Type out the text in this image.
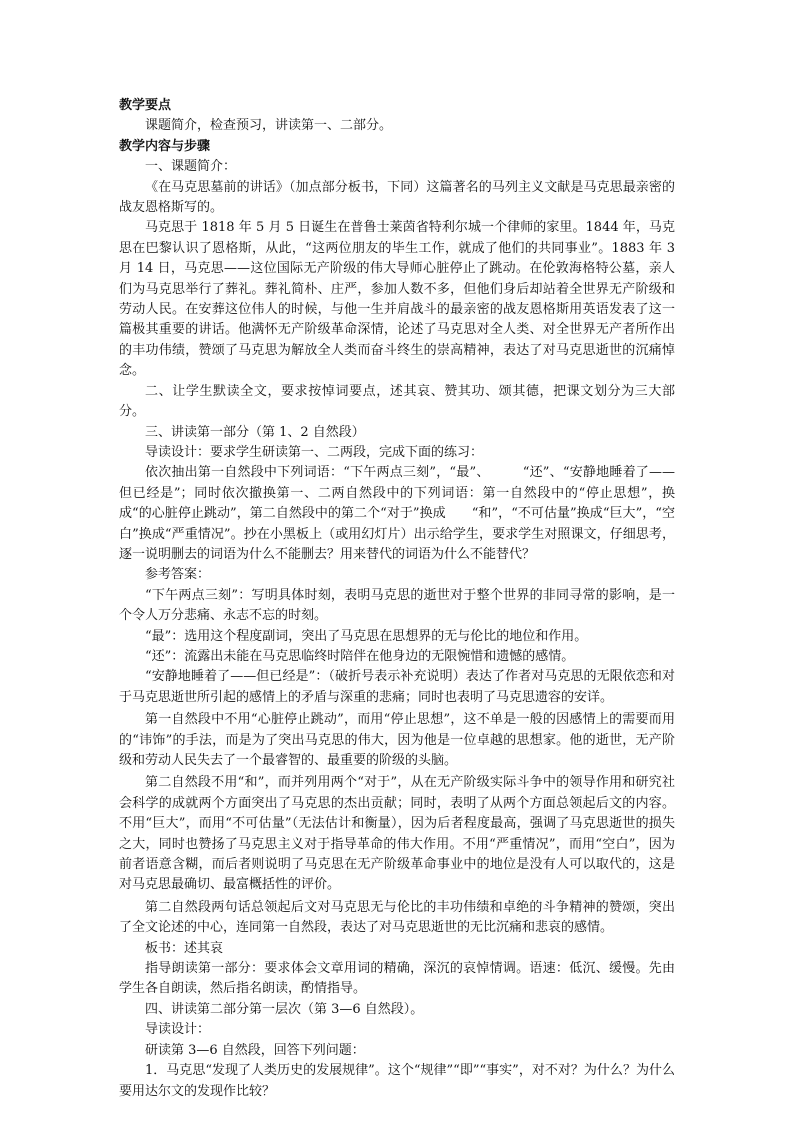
教学要点

课题简介，检查预习，讲读第一、二部分。

教学内容与步骤

一、课题简介：

《在马克思墓前的讲话》（加点部分板书，下同）这篇著名的马列主义文献是马克思最亲密的战友恩格斯写的。

马克思于 1818 年 5 月 5 日诞生在普鲁士莱茵省特利尔城一个律师的家里。1844 年，马克思在巴黎认识了恩格斯，从此，“这两位朋友的毕生工作，就成了他们的共同事业”。1883 年 3 月 14 日，马克思——这位国际无产阶级的伟大导师心脏停止了跳动。在伦敦海格特公墓，亲人们为马克思举行了葬礼。葬礼简朴、庄严，参加人数不多，但他们身后却站着全世界无产阶级和劳动人民。在安葬这位伟人的时候，与他一生并肩战斗的最亲密的战友恩格斯用英语发表了这一篇极其重要的讲话。他满怀无产阶级革命深情，论述了马克思对全人类、对全世界无产者所作出的丰功伟绩，赞颂了马克思为解放全人类而奋斗终生的崇高精神，表达了对马克思逝世的沉痛悼念。

二、让学生默读全文，要求按悼词要点，述其哀、赞其功、颂其德，把课文划分为三大部分。

三、讲读第一部分（第 1、2 自然段）

导读设计：要求学生研读第一、二两段，完成下面的练习：

依次抽出第一自然段中下列词语：“下午两点三刻”，“最”、　　　“还”、“安静地睡着了——但已经是”；同时依次撤换第一、二两自然段中的下列词语：第一自然段中的“停止思想”，换成“的心脏停止跳动”，第二自然段中的第二个“对于”换成　　“和”，“不可估量”换成“巨大”，“空白”换成“严重情况”。抄在小黑板上（或用幻灯片）出示给学生，要求学生对照课文，仔细思考，逐一说明删去的词语为什么不能删去？用来替代的词语为什么不能替代？

参考答案：

“下午两点三刻”：写明具体时刻，表明马克思的逝世对于整个世界的非同寻常的影响，是一个令人万分悲痛、永志不忘的时刻。

“最”：选用这个程度副词，突出了马克思在思想界的无与伦比的地位和作用。

“还”：流露出未能在马克思临终时陪伴在他身边的无限惋惜和遗憾的感情。

“安静地睡着了——但已经是”：（破折号表示补充说明）表达了作者对马克思的无限依恋和对于马克思逝世所引起的感情上的矛盾与深重的悲痛；同时也表明了马克思遗容的安详。

第一自然段中不用“心脏停止跳动”，而用“停止思想”，这不单是一般的因感情上的需要而用的“讳饰”的手法，而是为了突出马克思的伟大，因为他是一位卓越的思想家。他的逝世，无产阶级和劳动人民失去了一个最睿智的、最重要的阶级的头脑。

第二自然段不用“和”，而并列用两个“对于”，从在无产阶级实际斗争中的领导作用和研究社会科学的成就两个方面突出了马克思的杰出贡献；同时，表明了从两个方面总领起后文的内容。不用“巨大”，而用“不可估量”（无法估计和衡量），因为后者程度最高，强调了马克思逝世的损失之大，同时也赞扬了马克思主义对于指导革命的伟大作用。不用“严重情况”，而用“空白”，因为前者语意含糊，而后者则说明了马克思在无产阶级革命事业中的地位是没有人可以取代的，这是对马克思最确切、最富概括性的评价。

第二自然段两句话总领起后文对马克思无与伦比的丰功伟绩和卓绝的斗争精神的赞颂，突出了全文论述的中心，连同第一自然段，表达了对马克思逝世的无比沉痛和悲哀的感情。

板书：述其哀

指导朗读第一部分：要求体会文章用词的精确，深沉的哀悼情调。语速：低沉、缓慢。先由学生各自朗读，然后指名朗读，酌情指导。

四、讲读第二部分第一层次（第 3—6 自然段）。

导读设计：

研读第 3—6 自然段，回答下列问题：

1．马克思“发现了人类历史的发展规律”。这个“规律”“即”“事实”，对不对？为什么？为什么要用达尔文的发现作比较？
